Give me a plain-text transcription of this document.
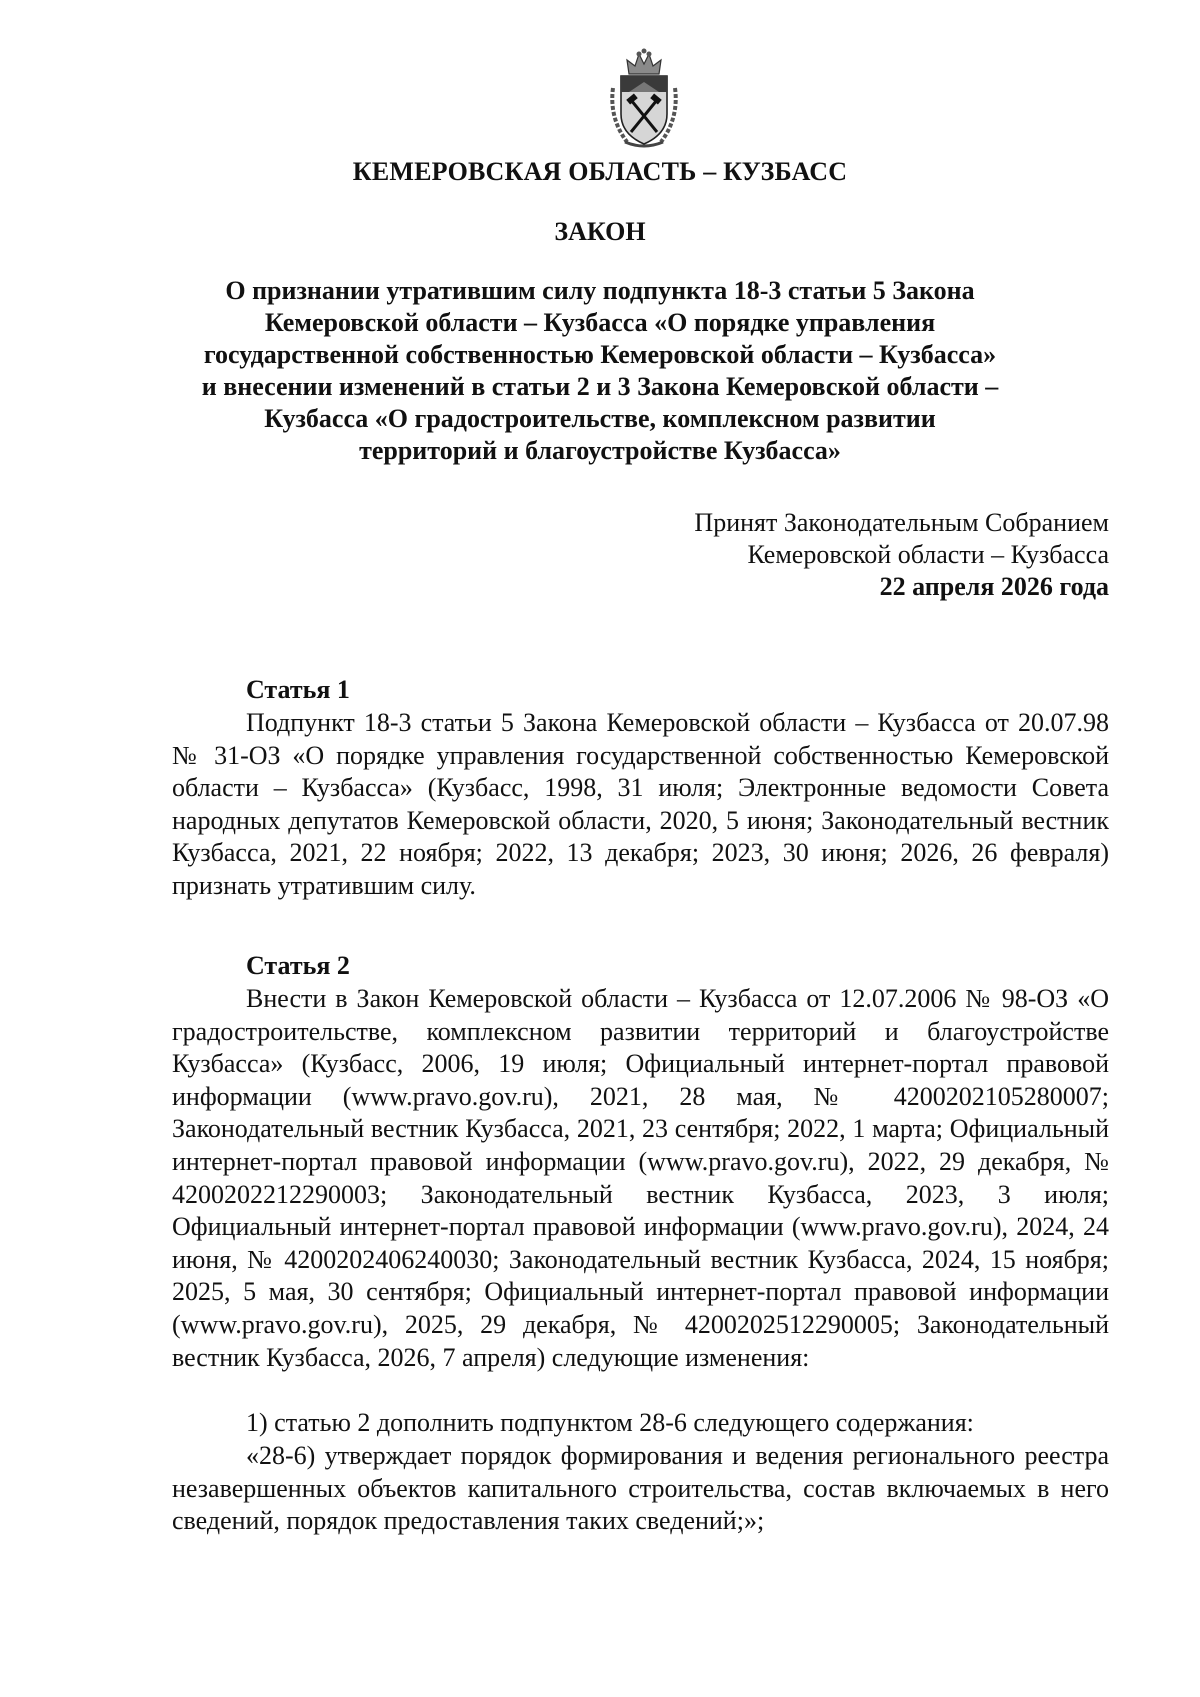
КЕМЕРОВСКАЯ ОБЛАСТЬ – КУЗБАСС
ЗАКОН
О признании утратившим силу подпункта 18-3 статьи 5 Закона
Кемеровской области – Кузбасса «О порядке управления
государственной собственностью Кемеровской области – Кузбасса»
и внесении изменений в статьи 2 и 3 Закона Кемеровской области –
Кузбасса «О градостроительстве, комплексном развитии
территорий и благоустройстве Кузбасса»
Принят Законодательным Собранием
Кемеровской области – Кузбасса
22 апреля 2026 года
Статья 1

Подпункт 18-3 статьи 5 Закона Кемеровской области – Кузбасса от 20.07.98 № 31-ОЗ «О порядке управления государственной собственностью Кемеровской области – Кузбасса» (Кузбасс, 1998, 31 июля; Электронные ведомости Совета народных депутатов Кемеровской области, 2020, 5 июня; Законодательный вестник Кузбасса, 2021, 22 ноября; 2022, 13 декабря; 2023, 30 июня; 2026, 26 февраля) признать утратившим силу.

Статья 2

Внести в Закон Кемеровской области – Кузбасса от 12.07.2006 № 98-ОЗ «О градостроительстве, комплексном развитии территорий и благоустройстве Кузбасса» (Кузбасс, 2006, 19 июля; Официальный интернет-портал правовой информации (www.pravo.gov.ru), 2021, 28 мая, № 4200202105280007; Законодательный вестник Кузбасса, 2021, 23 сентября; 2022, 1 марта; Официальный интернет-портал правовой информации (www.pravo.gov.ru), 2022, 29 декабря, № 4200202212290003; Законодательный вестник Кузбасса, 2023, 3 июля; Официальный интернет-портал правовой информации (www.pravo.gov.ru), 2024, 24 июня, № 4200202406240030; Законодательный вестник Кузбасса, 2024, 15 ноября; 2025, 5 мая, 30 сентября; Официальный интернет-портал правовой информации (www.pravo.gov.ru), 2025, 29 декабря, № 4200202512290005; Законодательный вестник Кузбасса, 2026, 7 апреля) следующие изменения:

1) статью 2 дополнить подпунктом 28-6 следующего содержания:

«28-6) утверждает порядок формирования и ведения регионального реестра незавершенных объектов капитального строительства, состав включаемых в него сведений, порядок предоставления таких сведений;»;
